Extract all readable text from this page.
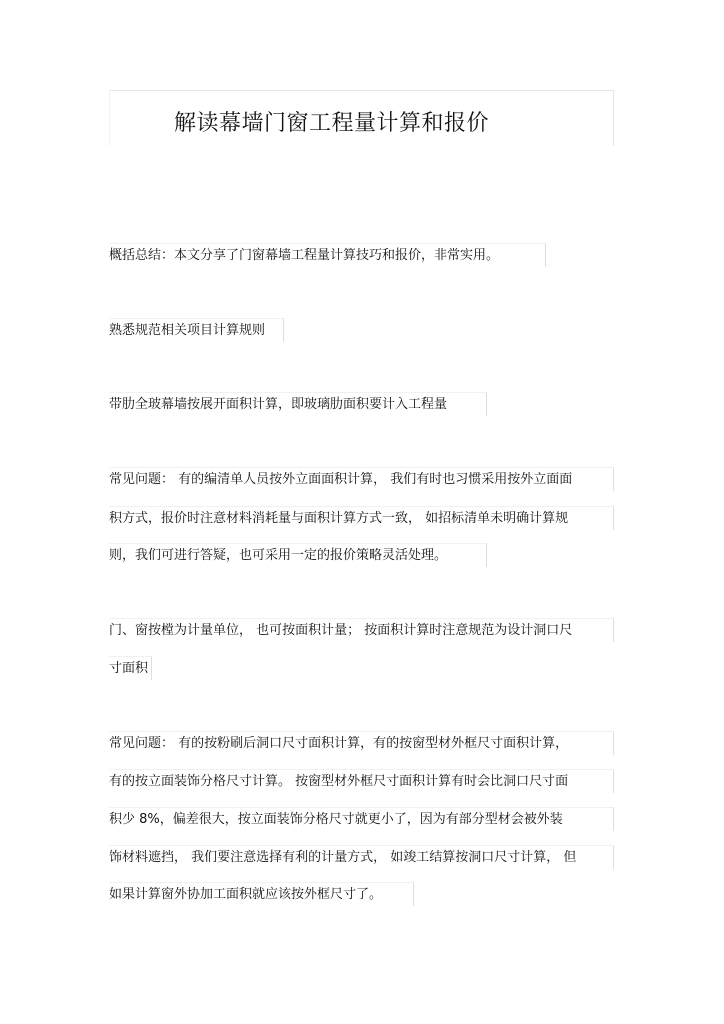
解读幕墙门窗工程量计算和报价
概括总结：本文分享了门窗幕墙工程量计算技巧和报价，非常实用。
熟悉规范相关项目计算规则
带肋全玻幕墙按展开面积计算，即玻璃肋面积要计入工程量
常见问题： 有的编清单人员按外立面面积计算， 我们有时也习惯采用按外立面面
积方式，报价时注意材料消耗量与面积计算方式一致， 如招标清单未明确计算规
则，我们可进行答疑，也可采用一定的报价策略灵活处理。
门、窗按樘为计量单位， 也可按面积计量； 按面积计算时注意规范为设计洞口尺
寸面积
常见问题： 有的按粉刷后洞口尺寸面积计算，有的按窗型材外框尺寸面积计算，
有的按立面装饰分格尺寸计算。 按窗型材外框尺寸面积计算有时会比洞口尺寸面
积少 8%，偏差很大，按立面装饰分格尺寸就更小了，因为有部分型材会被外装
饰材料遮挡， 我们要注意选择有利的计量方式， 如竣工结算按洞口尺寸计算， 但
如果计算窗外协加工面积就应该按外框尺寸了。
